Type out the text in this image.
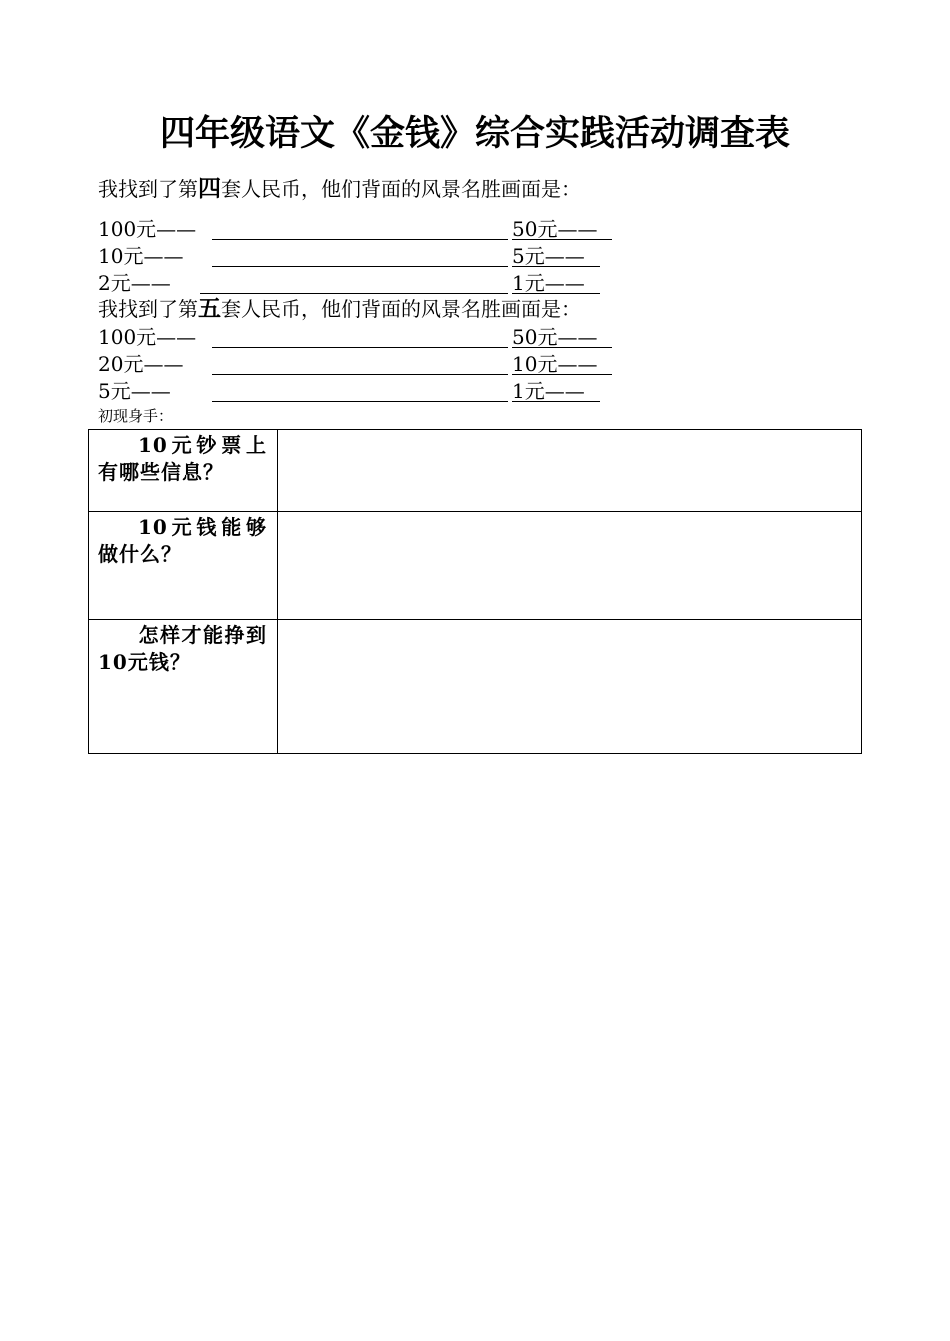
四年级语文《金钱》综合实践活动调查表
我找到了第四套人民币，他们背面的风景名胜画面是：
100元——	50元——
10元——	5元——
2元——	1元——
我找到了第五套人民币，他们背面的风景名胜画面是：
100元——	50元——
20元——	10元——
5元——	1元——
初现身手：
10元钞票上有哪些信息？	
10元钱能够做什么？	
怎样才能挣到10元钱？	
